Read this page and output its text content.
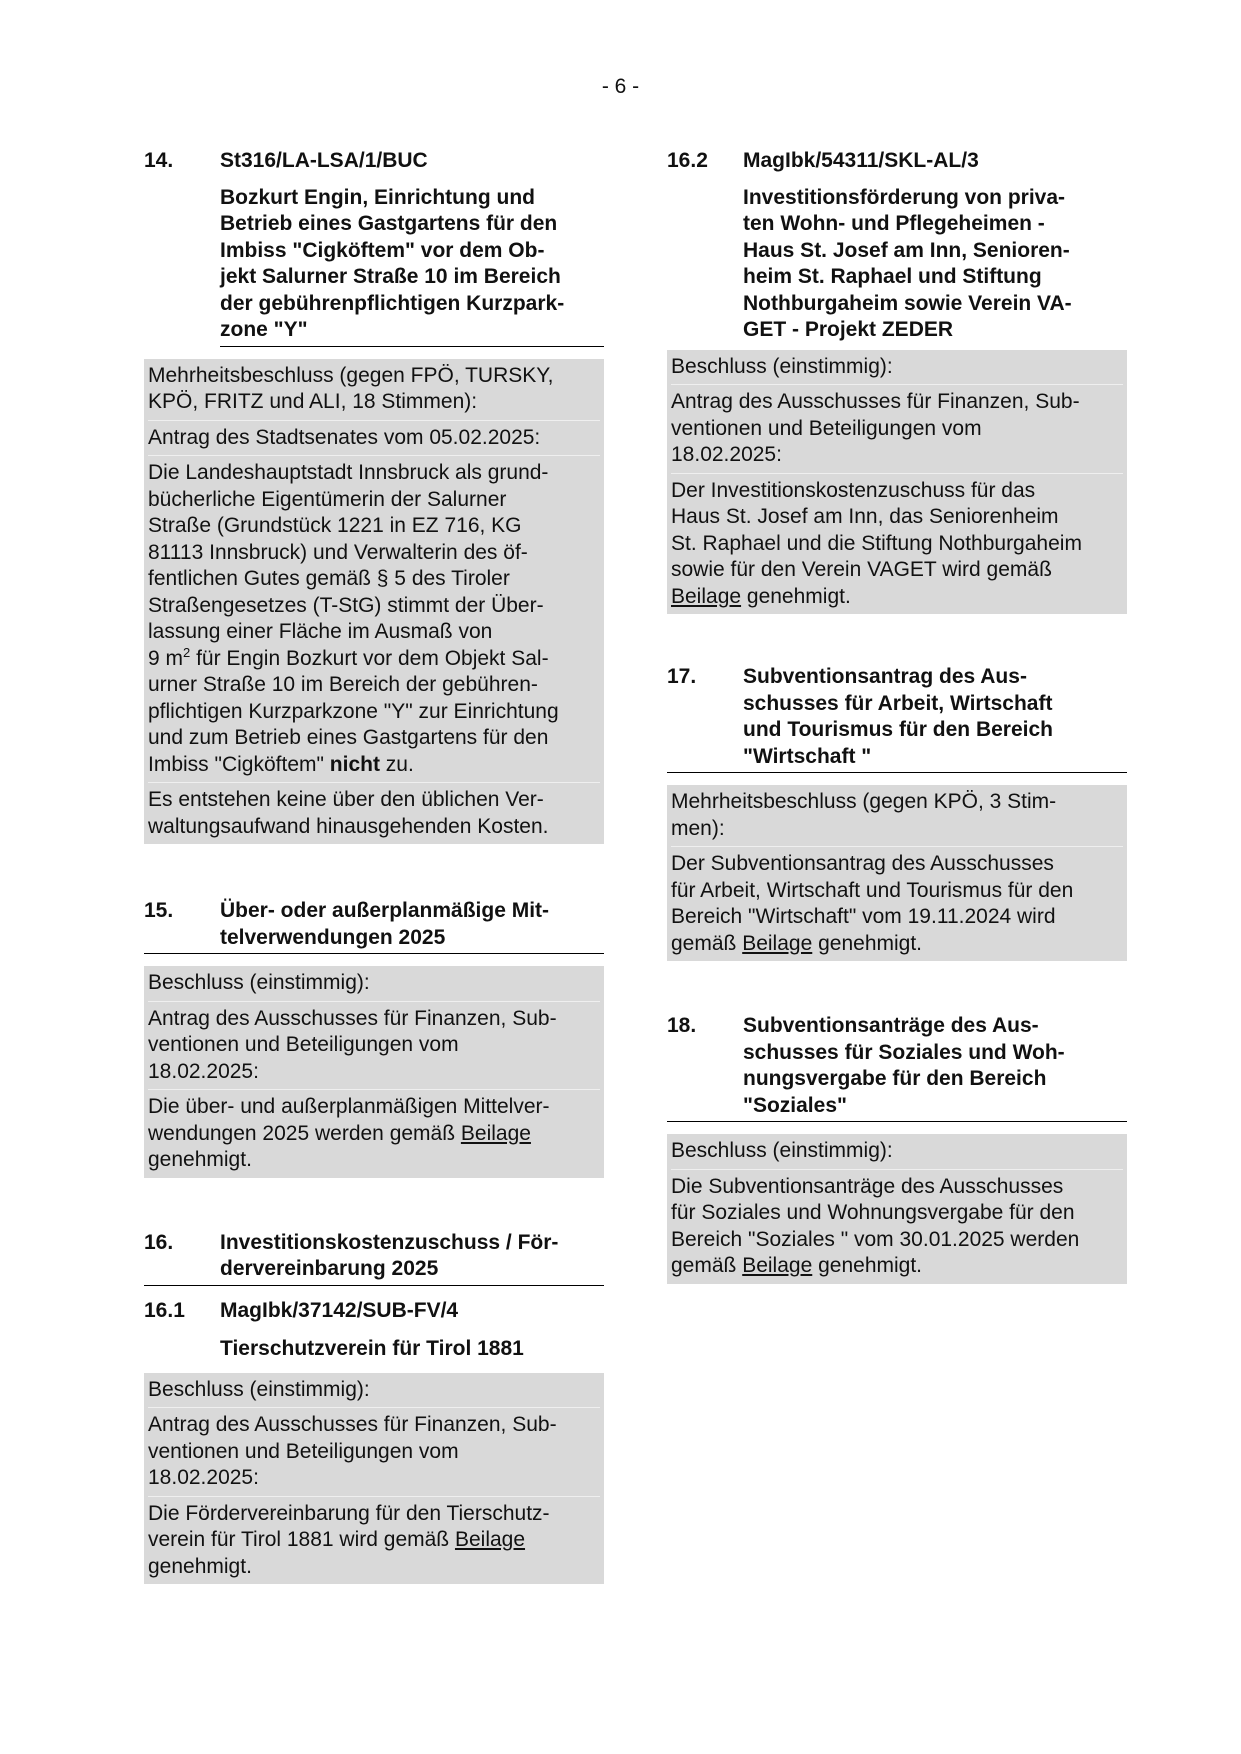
- 6 -
14.	St316/LA-LSA/1/BUC
Bozkurt Engin, Einrichtung und
Betrieb eines Gastgartens für den
Imbiss "Cigköftem" vor dem Ob-
jekt Salurner Straße 10 im Bereich
der gebührenpflichtigen Kurzpark-
zone "Y"
Mehrheitsbeschluss (gegen FPÖ, TURSKY,
KPÖ, FRITZ und ALI, 18 Stimmen):
Antrag des Stadtsenates vom 05.02.2025:
Die Landeshauptstadt Innsbruck als grund-
bücherliche Eigentümerin der Salurner
Straße (Grundstück 1221 in EZ 716, KG
81113 Innsbruck) und Verwalterin des öf-
fentlichen Gutes gemäß § 5 des Tiroler
Straßengesetzes (T-StG) stimmt der Über-
lassung einer Fläche im Ausmaß von
9 $m^2$ für Engin Bozkurt vor dem Objekt Sal-
urner Straße 10 im Bereich der gebühren-
pflichtigen Kurzparkzone "Y" zur Einrichtung
und zum Betrieb eines Gastgartens für den
Imbiss "Cigköftem" nicht zu.
Es entstehen keine über den üblichen Ver-
waltungsaufwand hinausgehenden Kosten.
15.	Über- oder außerplanmäßige Mit-
telverwendungen 2025
Beschluss (einstimmig):
Antrag des Ausschusses für Finanzen, Sub-
ventionen und Beteiligungen vom
18.02.2025:
Die über- und außerplanmäßigen Mittelver-
wendungen 2025 werden gemäß Beilage
genehmigt.
16.	Investitionskostenzuschuss / För-
dervereinbarung 2025
16.1	MagIbk/37142/SUB-FV/4
Tierschutzverein für Tirol 1881
Beschluss (einstimmig):
Antrag des Ausschusses für Finanzen, Sub-
ventionen und Beteiligungen vom
18.02.2025:
Die Fördervereinbarung für den Tierschutz-
verein für Tirol 1881 wird gemäß Beilage
genehmigt.
16.2	MagIbk/54311/SKL-AL/3
Investitionsförderung von priva-
ten Wohn- und Pflegeheimen -
Haus St. Josef am Inn, Senioren-
heim St. Raphael und Stiftung
Nothburgaheim sowie Verein VA-
GET - Projekt ZEDER
Beschluss (einstimmig):
Antrag des Ausschusses für Finanzen, Sub-
ventionen und Beteiligungen vom
18.02.2025:
Der Investitionskostenzuschuss für das
Haus St. Josef am Inn, das Seniorenheim
St. Raphael und die Stiftung Nothburgaheim
sowie für den Verein VAGET wird gemäß
Beilage genehmigt.
17.	Subventionsantrag des Aus-
schusses für Arbeit, Wirtschaft
und Tourismus für den Bereich
"Wirtschaft "
Mehrheitsbeschluss (gegen KPÖ, 3 Stim-
men):
Der Subventionsantrag des Ausschusses
für Arbeit, Wirtschaft und Tourismus für den
Bereich "Wirtschaft" vom 19.11.2024 wird
gemäß Beilage genehmigt.
18.	Subventionsanträge des Aus-
schusses für Soziales und Woh-
nungsvergabe für den Bereich
"Soziales"
Beschluss (einstimmig):
Die Subventionsanträge des Ausschusses
für Soziales und Wohnungsvergabe für den
Bereich "Soziales " vom 30.01.2025 werden
gemäß Beilage genehmigt.
